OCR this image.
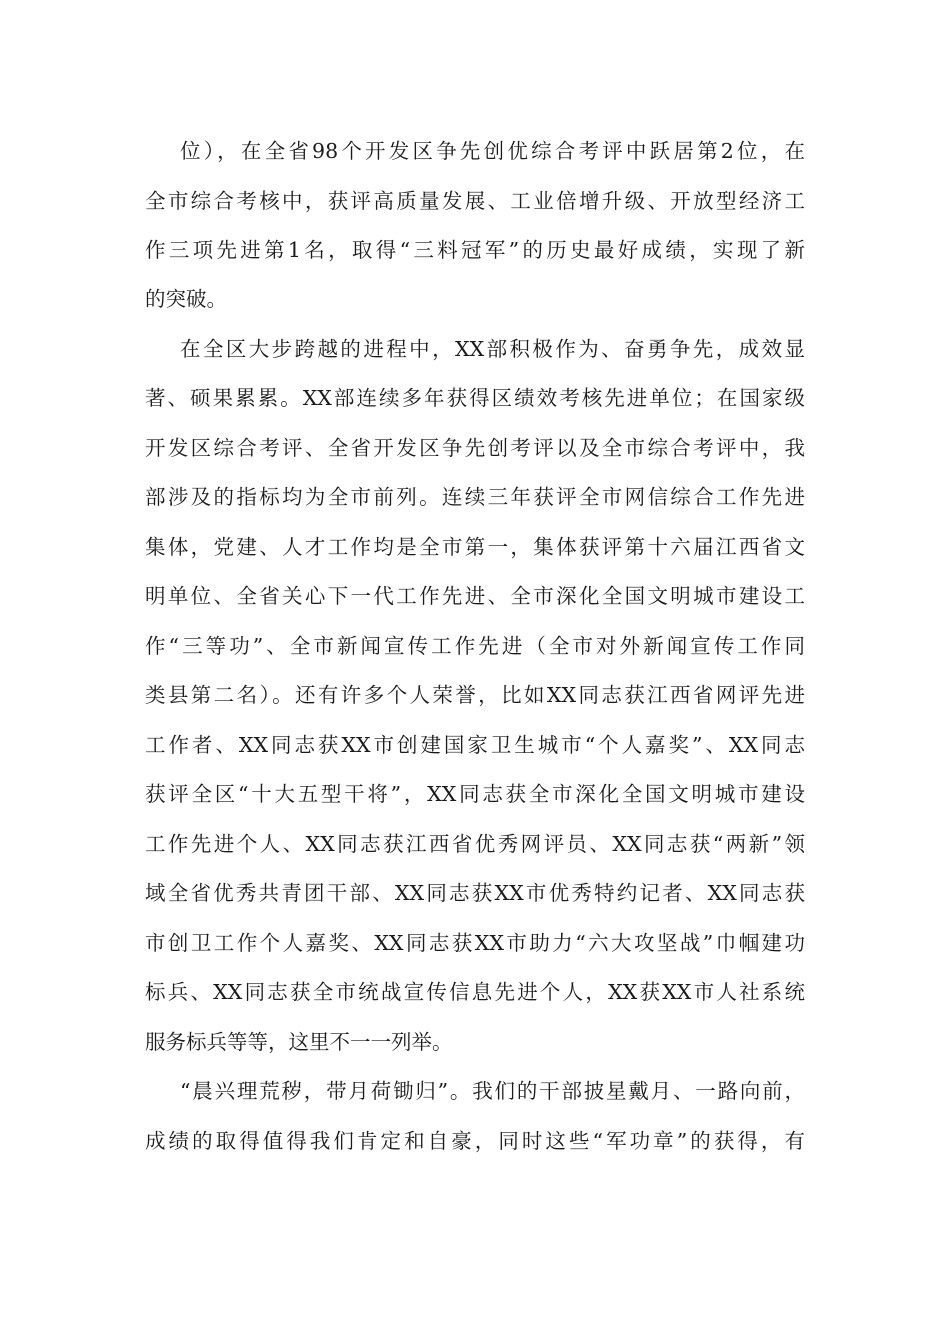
位），在全省98个开发区争先创优综合考评中跃居第2位，在
全市综合考核中，获评高质量发展、工业倍增升级、开放型经济工
作三项先进第1名，取得“三料冠军”的历史最好成绩，实现了新
的突破。
在全区大步跨越的进程中，XX部积极作为、奋勇争先，成效显
著、硕果累累。XX部连续多年获得区绩效考核先进单位；在国家级
开发区综合考评、全省开发区争先创考评以及全市综合考评中，我
部涉及的指标均为全市前列。连续三年获评全市网信综合工作先进
集体，党建、人才工作均是全市第一，集体获评第十六届江西省文
明单位、全省关心下一代工作先进、全市深化全国文明城市建设工
作“三等功”、全市新闻宣传工作先进（全市对外新闻宣传工作同
类县第二名）。还有许多个人荣誉，比如XX同志获江西省网评先进
工作者、XX同志获XX市创建国家卫生城市“个人嘉奖”、XX同志
获评全区“十大五型干将”，XX同志获全市深化全国文明城市建设
工作先进个人、XX同志获江西省优秀网评员、XX同志获“两新”领
域全省优秀共青团干部、XX同志获XX市优秀特约记者、XX同志获
市创卫工作个人嘉奖、XX同志获XX市助力“六大攻坚战”巾帼建功
标兵、XX同志获全市统战宣传信息先进个人，XX获XX市人社系统
服务标兵等等，这里不一一列举。
“晨兴理荒秽，带月荷锄归”。我们的干部披星戴月、一路向前，
成绩的取得值得我们肯定和自豪，同时这些“军功章”的获得，有
